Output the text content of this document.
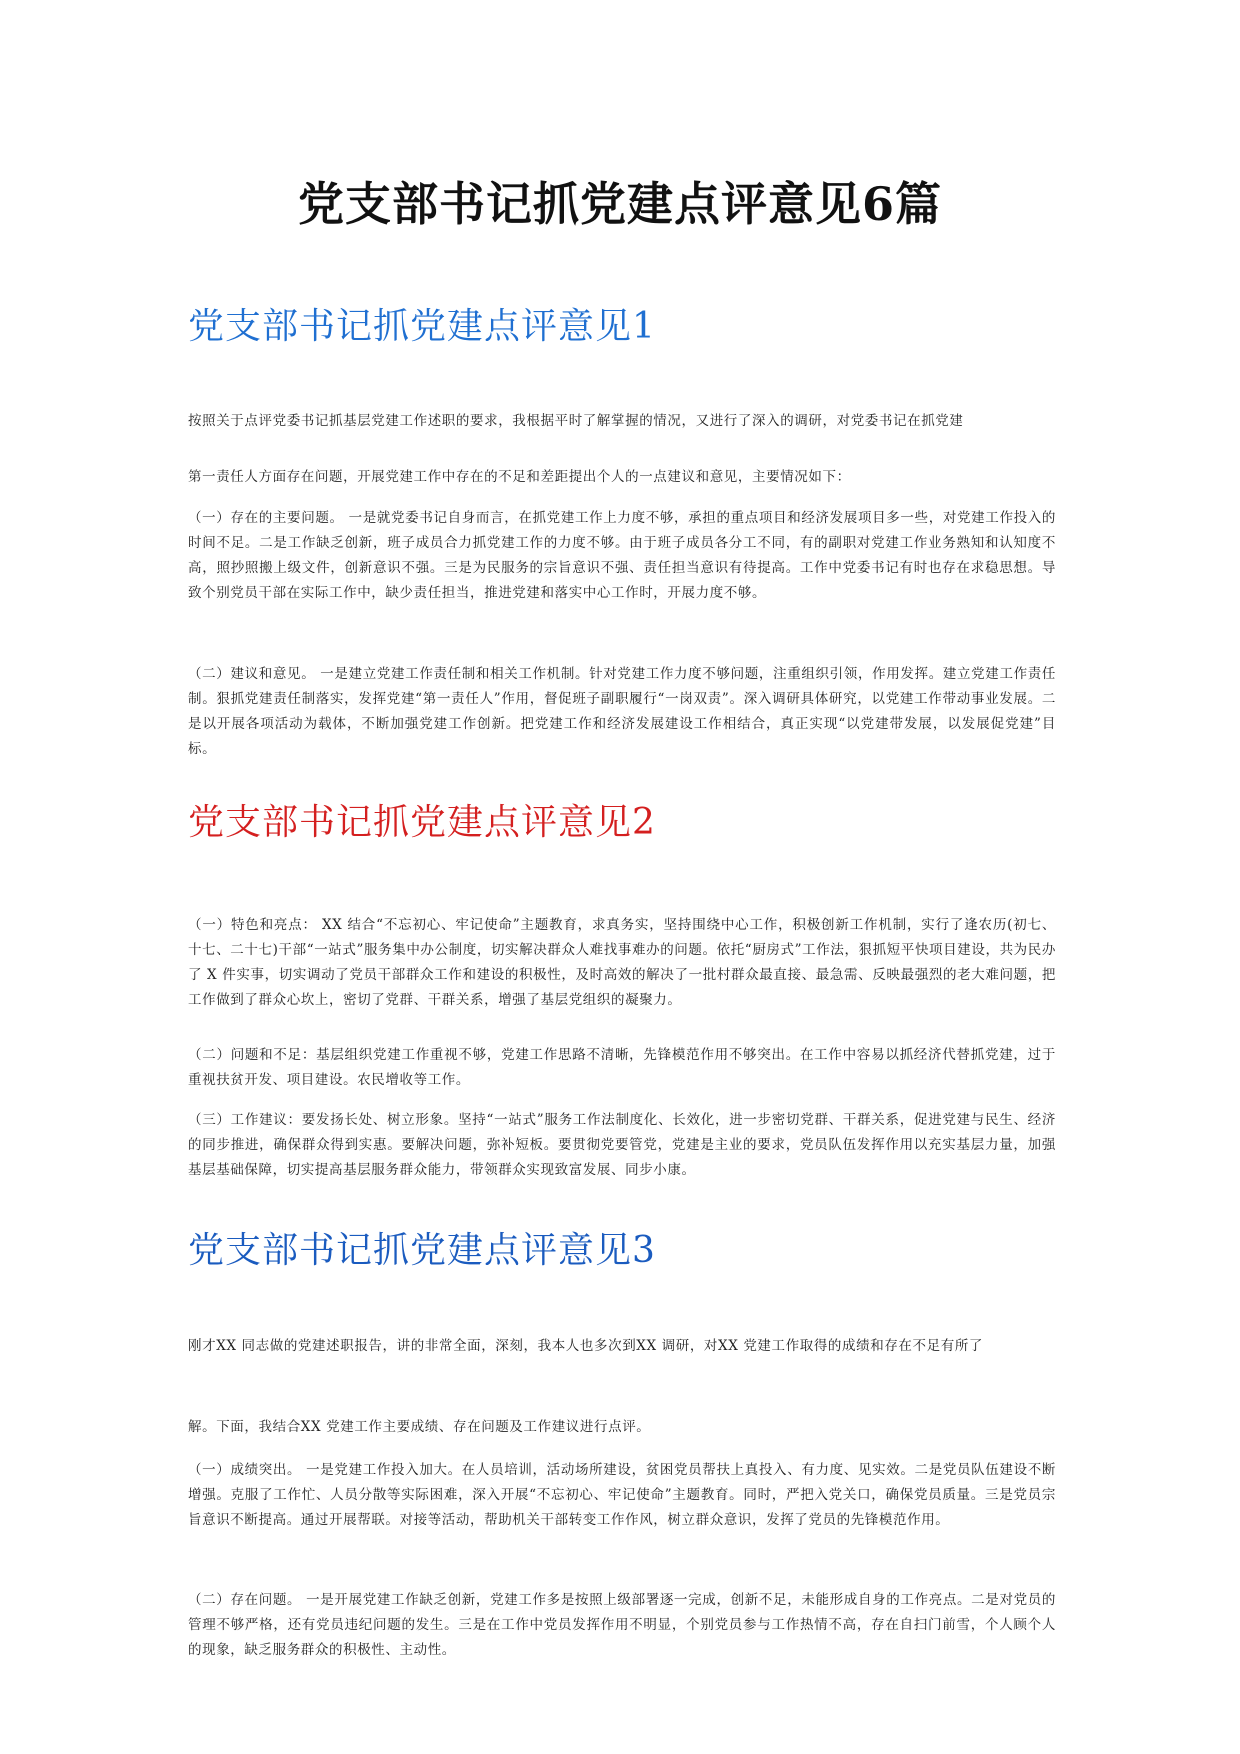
党支部书记抓党建点评意见6篇
党支部书记抓党建点评意见1

按照关于点评党委书记抓基层党建工作述职的要求，我根据平时了解掌握的情况，又进行了深入的调研，对党委书记在抓党建

第一责任人方面存在问题，开展党建工作中存在的不足和差距提出个人的一点建议和意见，主要情况如下：

（一）存在的主要问题。 一是就党委书记自身而言，在抓党建工作上力度不够，承担的重点项目和经济发展项目多一些，对党建工作投入的时间不足。二是工作缺乏创新，班子成员合力抓党建工作的力度不够。由于班子成员各分工不同，有的副职对党建工作业务熟知和认知度不高，照抄照搬上级文件，创新意识不强。三是为民服务的宗旨意识不强、责任担当意识有待提高。工作中党委书记有时也存在求稳思想。导致个别党员干部在实际工作中，缺少责任担当，推进党建和落实中心工作时，开展力度不够。

（二）建议和意见。 一是建立党建工作责任制和相关工作机制。针对党建工作力度不够问题，注重组织引领，作用发挥。建立党建工作责任制。狠抓党建责任制落实，发挥党建“第一责任人”作用，督促班子副职履行“一岗双责”。深入调研具体研究，以党建工作带动事业发展。二是以开展各项活动为载体，不断加强党建工作创新。把党建工作和经济发展建设工作相结合，真正实现“以党建带发展，以发展促党建”目标。

党支部书记抓党建点评意见2

（一）特色和亮点： XX 结合“不忘初心、牢记使命”主题教育，求真务实，坚持围绕中心工作，积极创新工作机制，实行了逢农历(初七、十七、二十七)干部“一站式”服务集中办公制度，切实解决群众人难找事难办的问题。依托“厨房式”工作法，狠抓短平快项目建设，共为民办了 X 件实事，切实调动了党员干部群众工作和建设的积极性，及时高效的解决了一批村群众最直接、最急需、反映最强烈的老大难问题，把工作做到了群众心坎上，密切了党群、干群关系，增强了基层党组织的凝聚力。

（二）问题和不足：基层组织党建工作重视不够，党建工作思路不清晰，先锋模范作用不够突出。在工作中容易以抓经济代替抓党建，过于重视扶贫开发、项目建设。农民增收等工作。

（三）工作建议：要发扬长处、树立形象。坚持“一站式”服务工作法制度化、长效化，进一步密切党群、干群关系，促进党建与民生、经济的同步推进，确保群众得到实惠。要解决问题，弥补短板。要贯彻党要管党，党建是主业的要求，党员队伍发挥作用以充实基层力量，加强基层基础保障，切实提高基层服务群众能力，带领群众实现致富发展、同步小康。

党支部书记抓党建点评意见3

刚才XX 同志做的党建述职报告，讲的非常全面，深刻，我本人也多次到XX 调研，对XX 党建工作取得的成绩和存在不足有所了

解。下面，我结合XX 党建工作主要成绩、存在问题及工作建议进行点评。

（一）成绩突出。 一是党建工作投入加大。在人员培训，活动场所建设，贫困党员帮扶上真投入、有力度、见实效。二是党员队伍建设不断增强。克服了工作忙、人员分散等实际困难，深入开展“不忘初心、牢记使命”主题教育。同时，严把入党关口，确保党员质量。三是党员宗旨意识不断提高。通过开展帮联。对接等活动，帮助机关干部转变工作作风，树立群众意识，发挥了党员的先锋模范作用。

（二）存在问题。 一是开展党建工作缺乏创新，党建工作多是按照上级部署逐一完成，创新不足，未能形成自身的工作亮点。二是对党员的管理不够严格，还有党员违纪问题的发生。三是在工作中党员发挥作用不明显，个别党员参与工作热情不高，存在自扫门前雪，个人顾个人的现象，缺乏服务群众的积极性、主动性。
